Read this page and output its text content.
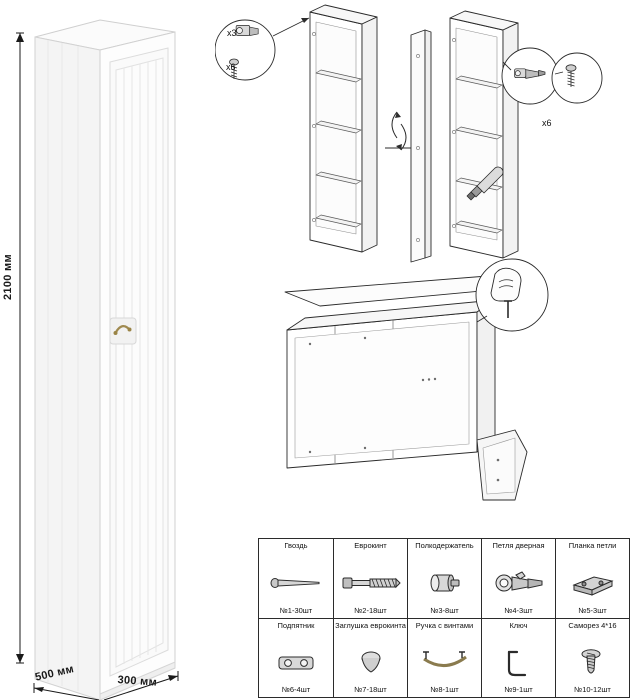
2100 мм
500 мм	300 мм
x3
x6
x6
Гвоздь
№1-30шт
Еврокинт
№2-18шт
Полкодержатель
№3-8шт
Петля дверная
№4-3шт
Планка петли
№5-3шт
Подпятник
№6-4шт
Заглушка еврокинта
№7-18шт
Ручка с винтами
№8-1шт
Ключ
№9-1шт
Саморез 4*16
№10-12шт
